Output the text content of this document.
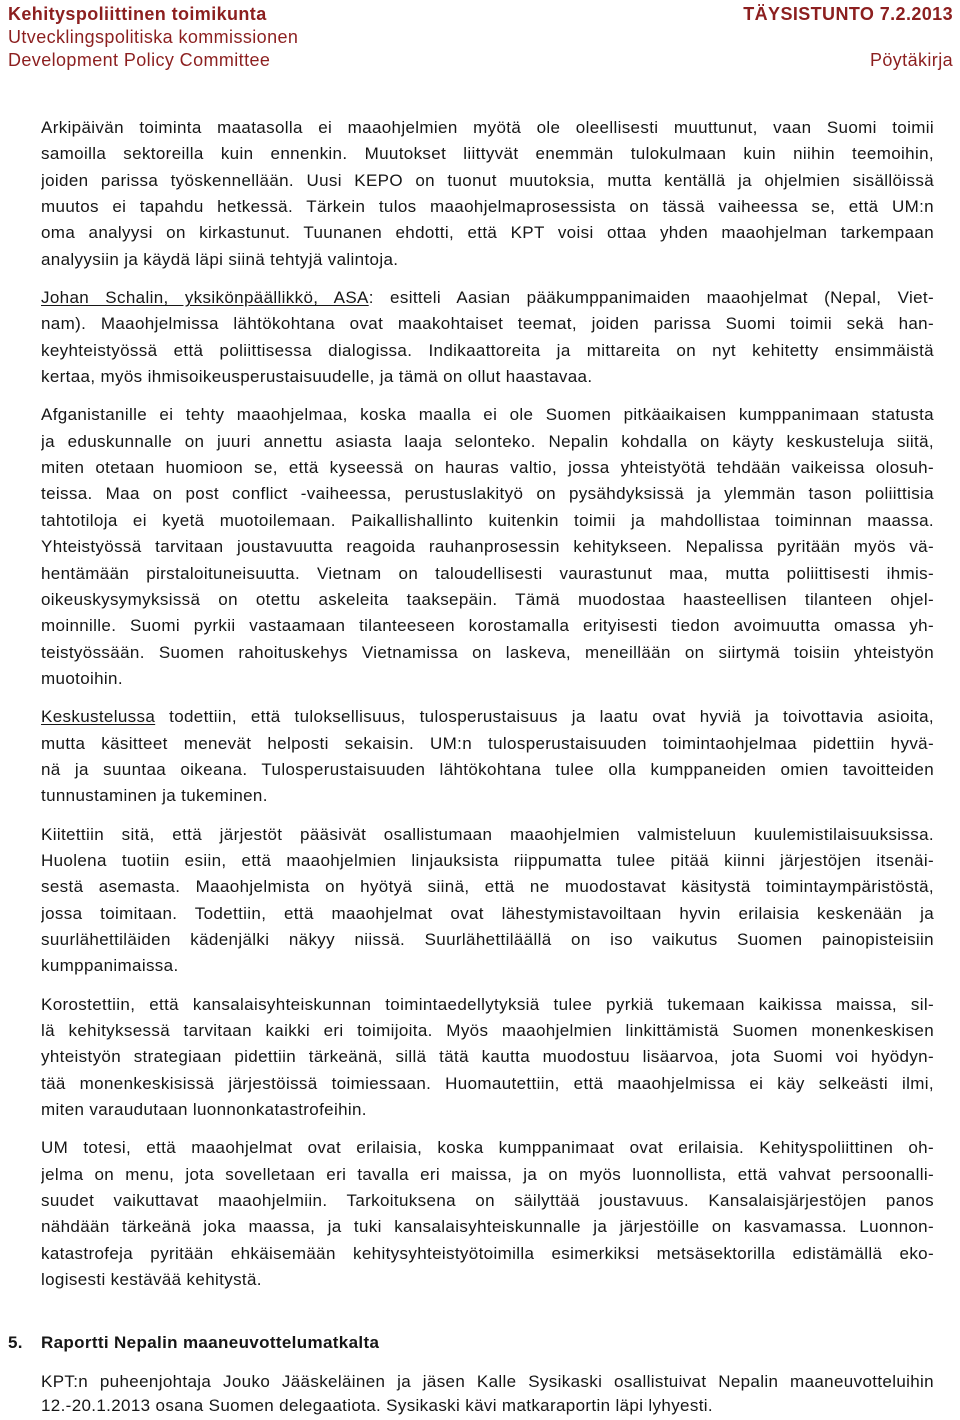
Kehityspoliittinen toimikunta	TÄYSISTUNTO 7.2.2013
Utvecklingspolitiska kommissionen
Development Policy Committee	Pöytäkirja
Arkipäivän toiminta maatasolla ei maaohjelmien myötä ole oleellisesti muuttunut, vaan Suomi toimii
samoilla sektoreilla kuin ennenkin. Muutokset liittyvät enemmän tulokulmaan kuin niihin teemoihin,
joiden parissa työskennellään. Uusi KEPO on tuonut muutoksia, mutta kentällä ja ohjelmien sisällöissä
muutos ei tapahdu hetkessä. Tärkein tulos maaohjelmaprosessista on tässä vaiheessa se, että UM:n
oma analyysi on kirkastunut. Tuunanen ehdotti, että KPT voisi ottaa yhden maaohjelman tarkempaan
analyysiin ja käydä läpi siinä tehtyjä valintoja.
Johan Schalin, yksikönpäällikkö, ASA: esitteli Aasian pääkumppanimaiden maaohjelmat (Nepal, Viet-
nam). Maaohjelmissa lähtökohtana ovat maakohtaiset teemat, joiden parissa Suomi toimii sekä han-
keyhteistyössä että poliittisessa dialogissa. Indikaattoreita ja mittareita on nyt kehitetty ensimmäistä
kertaa, myös ihmisoikeusperustaisuudelle, ja tämä on ollut haastavaa.
Afganistanille ei tehty maaohjelmaa, koska maalla ei ole Suomen pitkäaikaisen kumppanimaan statusta
ja eduskunnalle on juuri annettu asiasta laaja selonteko. Nepalin kohdalla on käyty keskusteluja siitä,
miten otetaan huomioon se, että kyseessä on hauras valtio, jossa yhteistyötä tehdään vaikeissa olosuh-
teissa. Maa on post conflict -vaiheessa, perustuslakityö on pysähdyksissä ja ylemmän tason poliittisia
tahtotiloja ei kyetä muotoilemaan. Paikallishallinto kuitenkin toimii ja mahdollistaa toiminnan maassa.
Yhteistyössä tarvitaan joustavuutta reagoida rauhanprosessin kehitykseen. Nepalissa pyritään myös vä-
hentämään pirstaloituneisuutta. Vietnam on taloudellisesti vaurastunut maa, mutta poliittisesti ihmis-
oikeuskysymyksissä on otettu askeleita taaksepäin. Tämä muodostaa haasteellisen tilanteen ohjel-
moinnille. Suomi pyrkii vastaamaan tilanteeseen korostamalla erityisesti tiedon avoimuutta omassa yh-
teistyössään. Suomen rahoituskehys Vietnamissa on laskeva, meneillään on siirtymä toisiin yhteistyön
muotoihin.
Keskustelussa todettiin, että tuloksellisuus, tulosperustaisuus ja laatu ovat hyviä ja toivottavia asioita,
mutta käsitteet menevät helposti sekaisin. UM:n tulosperustaisuuden toimintaohjelmaa pidettiin hyvä-
nä ja suuntaa oikeana. Tulosperustaisuuden lähtökohtana tulee olla kumppaneiden omien tavoitteiden
tunnustaminen ja tukeminen.
Kiitettiin sitä, että järjestöt pääsivät osallistumaan maaohjelmien valmisteluun kuulemistilaisuuksissa.
Huolena tuotiin esiin, että maaohjelmien linjauksista riippumatta tulee pitää kiinni järjestöjen itsenäi-
sestä asemasta. Maaohjelmista on hyötyä siinä, että ne muodostavat käsitystä toimintaympäristöstä,
jossa toimitaan. Todettiin, että maaohjelmat ovat lähestymistavoiltaan hyvin erilaisia keskenään ja
suurlähettiläiden kädenjälki näkyy niissä. Suurlähettiläällä on iso vaikutus Suomen painopisteisiin
kumppanimaissa.
Korostettiin, että kansalaisyhteiskunnan toimintaedellytyksiä tulee pyrkiä tukemaan kaikissa maissa, sil-
lä kehityksessä tarvitaan kaikki eri toimijoita. Myös maaohjelmien linkittämistä Suomen monenkeskisen
yhteistyön strategiaan pidettiin tärkeänä, sillä tätä kautta muodostuu lisäarvoa, jota Suomi voi hyödyn-
tää monenkeskisissä järjestöissä toimiessaan. Huomautettiin, että maaohjelmissa ei käy selkeästi ilmi,
miten varaudutaan luonnonkatastrofeihin.
UM totesi, että maaohjelmat ovat erilaisia, koska kumppanimaat ovat erilaisia. Kehityspoliittinen oh-
jelma on menu, jota sovelletaan eri tavalla eri maissa, ja on myös luonnollista, että vahvat persoonalli-
suudet vaikuttavat maaohjelmiin. Tarkoituksena on säilyttää joustavuus. Kansalaisjärjestöjen panos
nähdään tärkeänä joka maassa, ja tuki kansalaisyhteiskunnalle ja järjestöille on kasvamassa. Luonnon-
katastrofeja pyritään ehkäisemään kehitysyhteistyötoimilla esimerkiksi metsäsektorilla edistämällä eko-
logisesti kestävää kehitystä.
5. Raportti Nepalin maaneuvottelumatkalta
KPT:n puheenjohtaja Jouko Jääskeläinen ja jäsen Kalle Sysikaski osallistuivat Nepalin maaneuvotteluihin
12.-20.1.2013 osana Suomen delegaatiota. Sysikaski kävi matkaraportin läpi lyhyesti.
